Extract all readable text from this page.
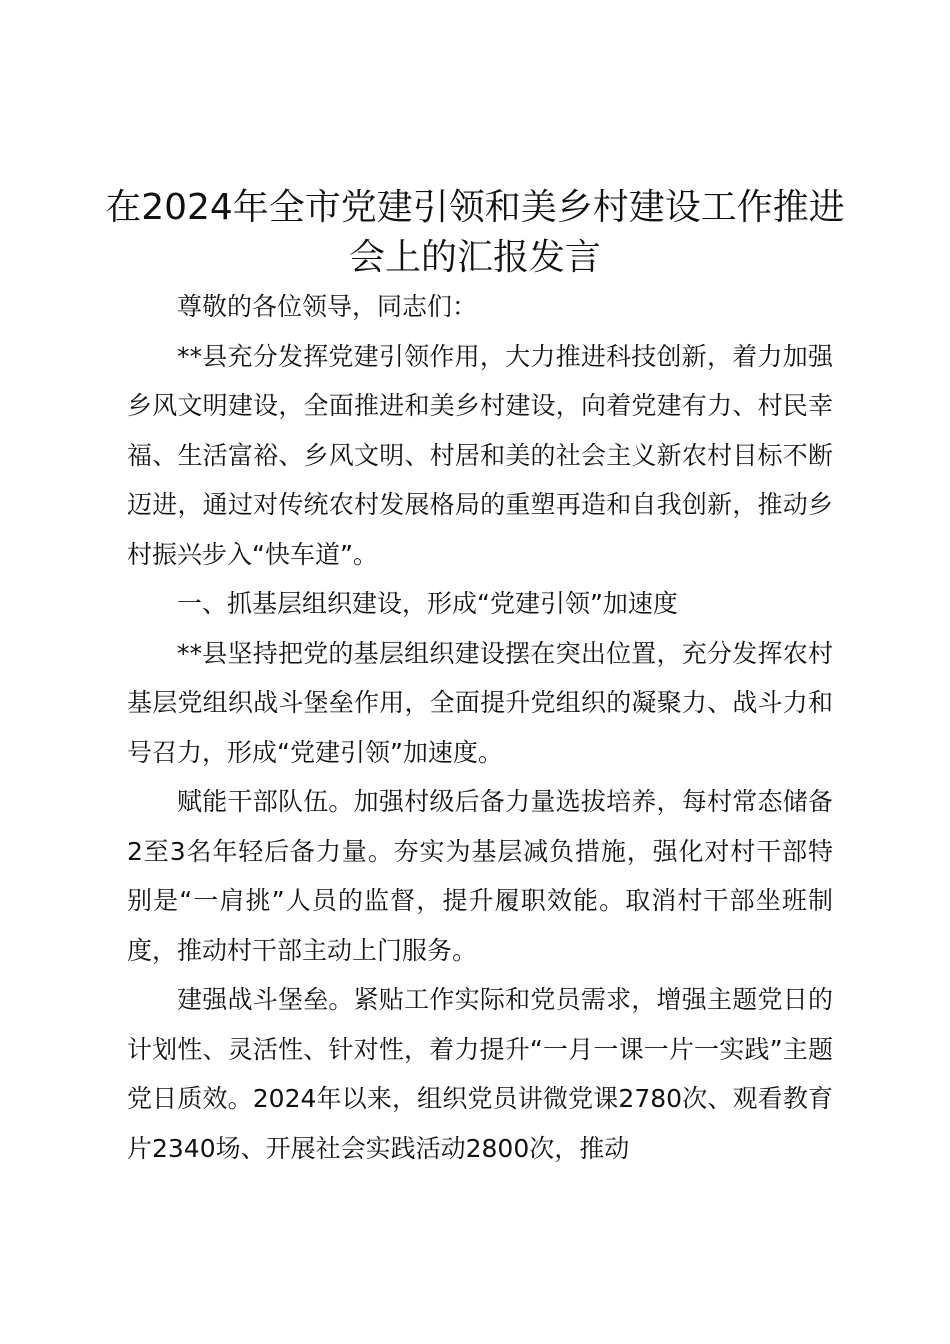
在2024年全市党建引领和美乡村建设工作推进会上的汇报发言

尊敬的各位领导，同志们：

**县充分发挥党建引领作用，大力推进科技创新，着力加强乡风文明建设，全面推进和美乡村建设，向着党建有力、村民幸福、生活富裕、乡风文明、村居和美的社会主义新农村目标不断迈进，通过对传统农村发展格局的重塑再造和自我创新，推动乡村振兴步入“快车道”。

一、抓基层组织建设，形成“党建引领”加速度

**县坚持把党的基层组织建设摆在突出位置，充分发挥农村基层党组织战斗堡垒作用，全面提升党组织的凝聚力、战斗力和号召力，形成“党建引领”加速度。

赋能干部队伍。加强村级后备力量选拔培养，每村常态储备2至3名年轻后备力量。夯实为基层减负措施，强化对村干部特别是“一肩挑”人员的监督，提升履职效能。取消村干部坐班制度，推动村干部主动上门服务。

建强战斗堡垒。紧贴工作实际和党员需求，增强主题党日的计划性、灵活性、针对性，着力提升“一月一课一片一实践”主题党日质效。2024年以来，组织党员讲微党课2780次、观看教育片2340场、开展社会实践活动2800次，推动
